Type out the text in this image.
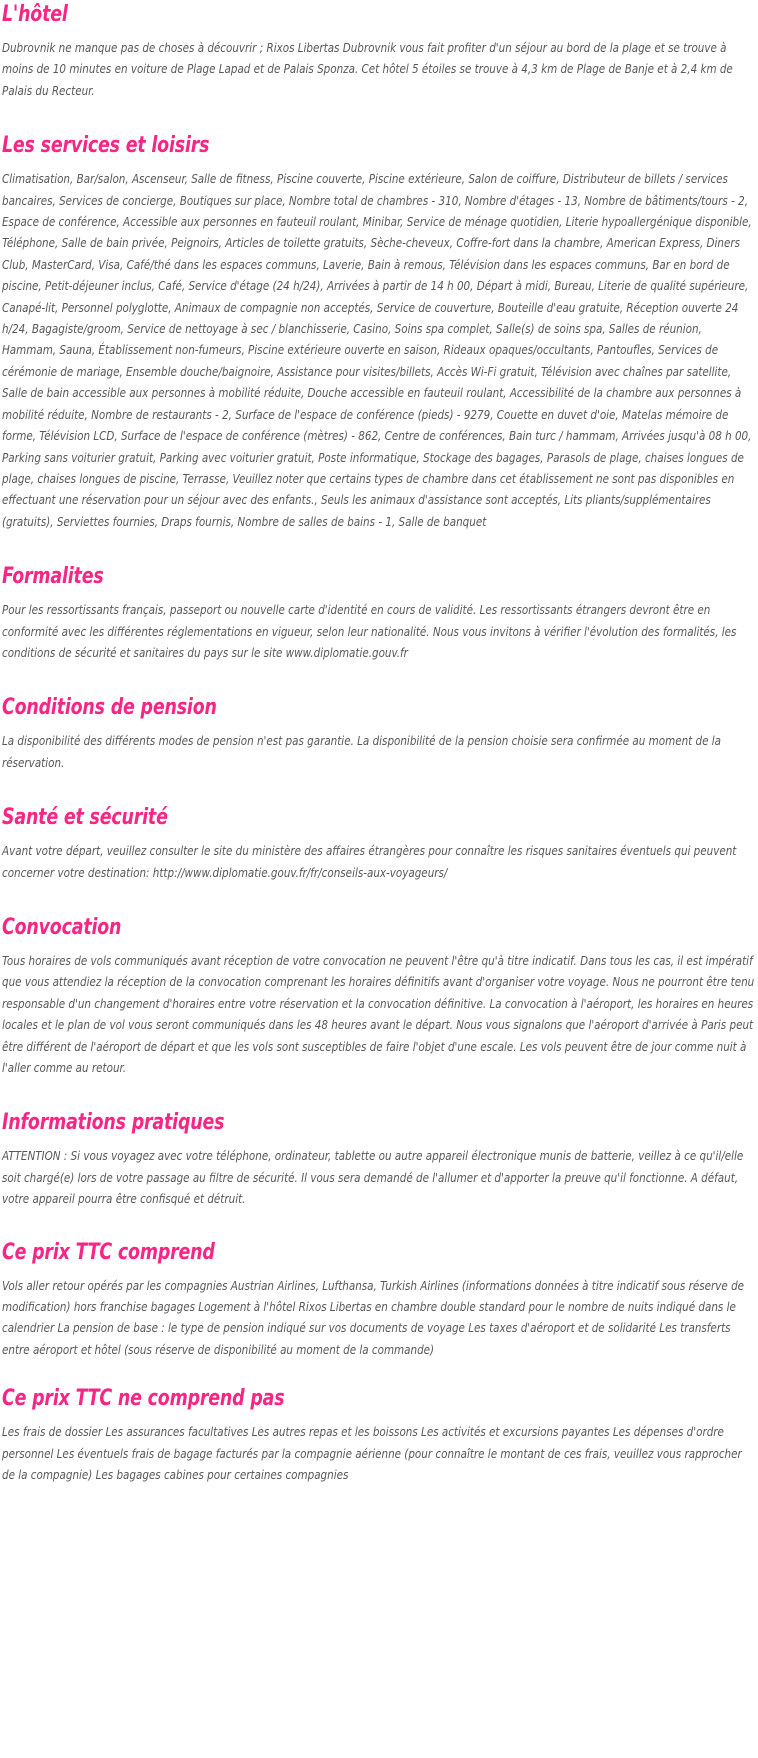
L'hôtel

Dubrovnik ne manque pas de choses à découvrir ; Rixos Libertas Dubrovnik vous fait profiter d'un séjour au bord de la plage et se trouve à moins de 10 minutes en voiture de Plage Lapad et de Palais Sponza. Cet hôtel 5 étoiles se trouve à 4,3 km de Plage de Banje et à 2,4 km de Palais du Recteur.

Les services et loisirs

Climatisation, Bar/salon, Ascenseur, Salle de fitness, Piscine couverte, Piscine extérieure, Salon de coiffure, Distributeur de billets / services bancaires, Services de concierge, Boutiques sur place, Nombre total de chambres - 310, Nombre d'étages - 13, Nombre de bâtiments/tours - 2, Espace de conférence, Accessible aux personnes en fauteuil roulant, Minibar, Service de ménage quotidien, Literie hypoallergénique disponible, Téléphone, Salle de bain privée, Peignoirs, Articles de toilette gratuits, Sèche-cheveux, Coffre-fort dans la chambre, American Express, Diners Club, MasterCard, Visa, Café/thé dans les espaces communs, Laverie, Bain à remous, Télévision dans les espaces communs, Bar en bord de piscine, Petit-déjeuner inclus, Café, Service d'étage (24 h/24), Arrivées à partir de 14 h 00, Départ à midi, Bureau, Literie de qualité supérieure, Canapé-lit, Personnel polyglotte, Animaux de compagnie non acceptés, Service de couverture, Bouteille d'eau gratuite, Réception ouverte 24 h/24, Bagagiste/groom, Service de nettoyage à sec / blanchisserie, Casino, Soins spa complet, Salle(s) de soins spa, Salles de réunion, Hammam, Sauna, Établissement non-fumeurs, Piscine extérieure ouverte en saison, Rideaux opaques/occultants, Pantoufles, Services de cérémonie de mariage, Ensemble douche/baignoire, Assistance pour visites/billets, Accès Wi-Fi gratuit, Télévision avec chaînes par satellite, Salle de bain accessible aux personnes à mobilité réduite, Douche accessible en fauteuil roulant, Accessibilité de la chambre aux personnes à mobilité réduite, Nombre de restaurants - 2, Surface de l'espace de conférence (pieds) - 9279, Couette en duvet d'oie, Matelas mémoire de forme, Télévision LCD, Surface de l'espace de conférence (mètres) - 862, Centre de conférences, Bain turc / hammam, Arrivées jusqu'à 08 h 00, Parking sans voiturier gratuit, Parking avec voiturier gratuit, Poste informatique, Stockage des bagages, Parasols de plage, chaises longues de plage, chaises longues de piscine, Terrasse, Veuillez noter que certains types de chambre dans cet établissement ne sont pas disponibles en effectuant une réservation pour un séjour avec des enfants., Seuls les animaux d'assistance sont acceptés, Lits pliants/supplémentaires (gratuits), Serviettes fournies, Draps fournis, Nombre de salles de bains - 1, Salle de banquet

Formalites

Pour les ressortissants français, passeport ou nouvelle carte d'identité en cours de validité. Les ressortissants étrangers devront être en conformité avec les différentes réglementations en vigueur, selon leur nationalité. Nous vous invitons à vérifier l'évolution des formalités, les conditions de sécurité et sanitaires du pays sur le site www.diplomatie.gouv.fr

Conditions de pension

La disponibilité des différents modes de pension n'est pas garantie. La disponibilité de la pension choisie sera confirmée au moment de la réservation.

Santé et sécurité

Avant votre départ, veuillez consulter le site du ministère des affaires étrangères pour connaître les risques sanitaires éventuels qui peuvent concerner votre destination: http://www.diplomatie.gouv.fr/fr/conseils-aux-voyageurs/

Convocation

Tous horaires de vols communiqués avant réception de votre convocation ne peuvent l'être qu'à titre indicatif. Dans tous les cas, il est impératif que vous attendiez la réception de la convocation comprenant les horaires définitifs avant d'organiser votre voyage. Nous ne pourront être tenu responsable d'un changement d'horaires entre votre réservation et la convocation définitive. La convocation à l'aéroport, les horaires en heures locales et le plan de vol vous seront communiqués dans les 48 heures avant le départ. Nous vous signalons que l'aéroport d'arrivée à Paris peut être différent de l'aéroport de départ et que les vols sont susceptibles de faire l'objet d'une escale. Les vols peuvent être de jour comme nuit à l'aller comme au retour.

Informations pratiques

ATTENTION : Si vous voyagez avec votre téléphone, ordinateur, tablette ou autre appareil électronique munis de batterie, veillez à ce qu'il/elle soit chargé(e) lors de votre passage au filtre de sécurité. Il vous sera demandé de l'allumer et d'apporter la preuve qu'il fonctionne. A défaut, votre appareil pourra être confisqué et détruit.

Ce prix TTC comprend

Vols aller retour opérés par les compagnies Austrian Airlines, Lufthansa, Turkish Airlines (informations données à titre indicatif sous réserve de modification) hors franchise bagages Logement à l'hôtel Rixos Libertas en chambre double standard pour le nombre de nuits indiqué dans le calendrier La pension de base : le type de pension indiqué sur vos documents de voyage Les taxes d'aéroport et de solidarité Les transferts entre aéroport et hôtel (sous réserve de disponibilité au moment de la commande)

Ce prix TTC ne comprend pas

Les frais de dossier Les assurances facultatives Les autres repas et les boissons Les activités et excursions payantes Les dépenses d'ordre personnel Les éventuels frais de bagage facturés par la compagnie aérienne (pour connaître le montant de ces frais, veuillez vous rapprocher de la compagnie) Les bagages cabines pour certaines compagnies
